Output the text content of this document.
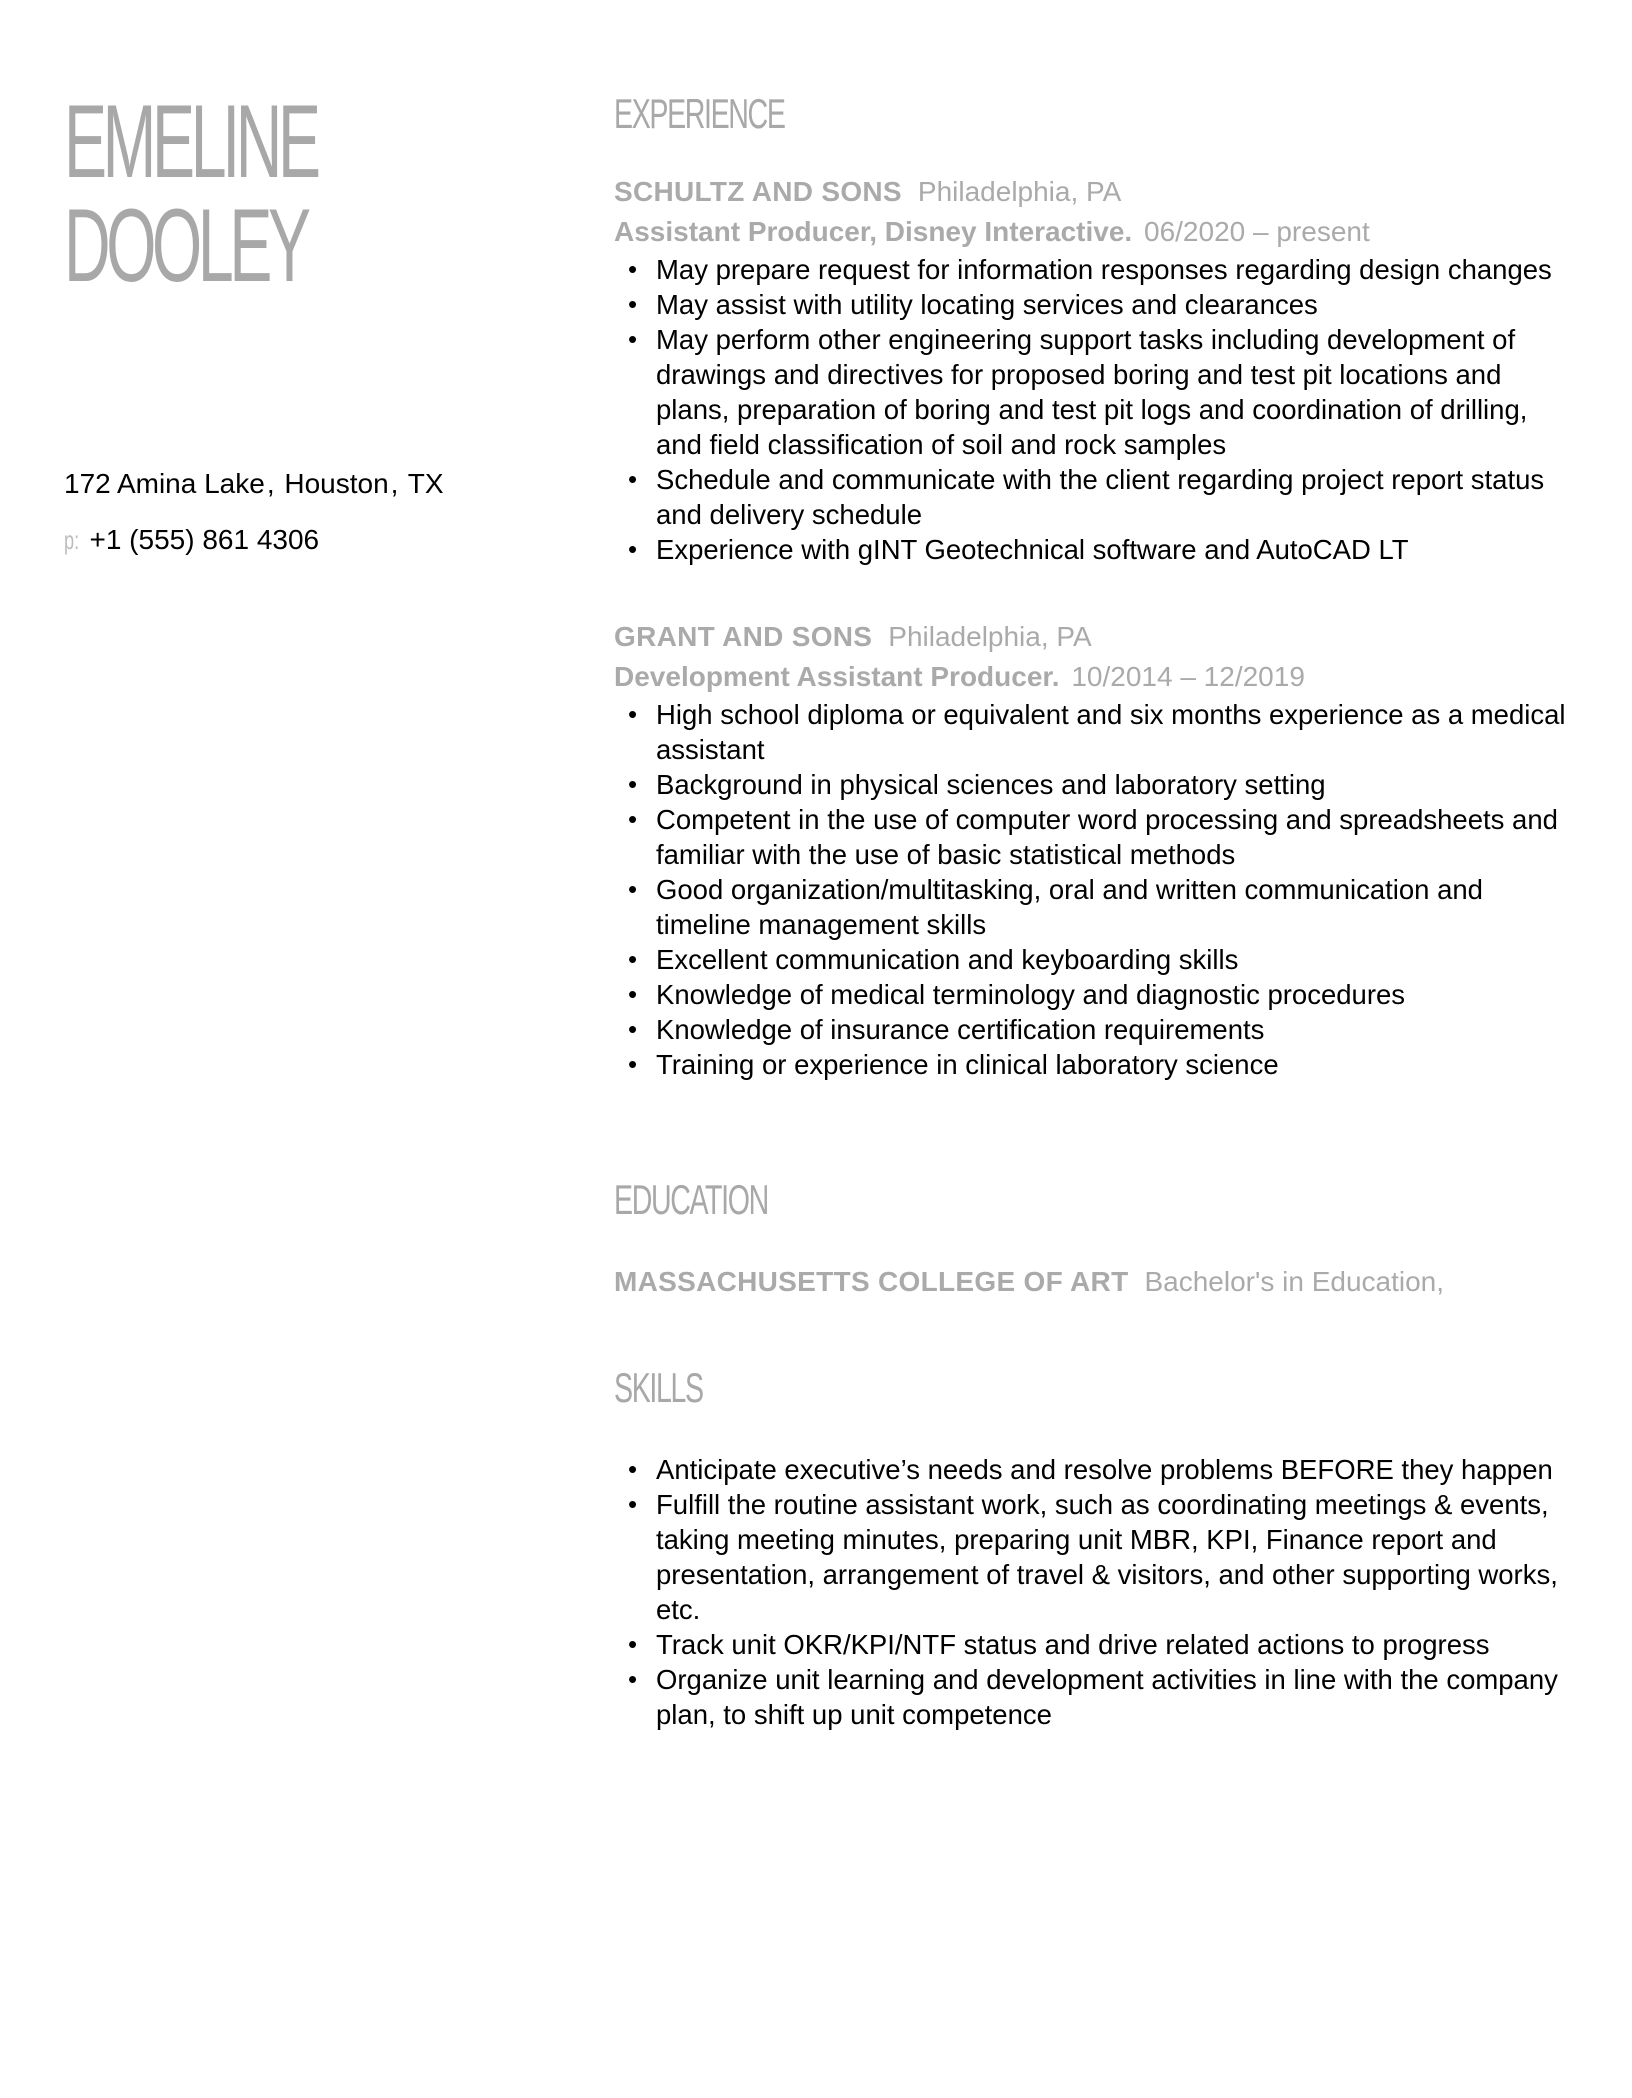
EMELINE
DOOLEY
172 Amina Lake, Houston, TX
p: +1 (555) 861 4306
EXPERIENCE
SCHULTZ AND SONS Philadelphia, PA
Assistant Producer, Disney Interactive. 06/2020 – present
• May prepare request for information responses regarding design changes
• May assist with utility locating services and clearances
• May perform other engineering support tasks including development of drawings and directives for proposed boring and test pit locations and plans, preparation of boring and test pit logs and coordination of drilling, and field classification of soil and rock samples
• Schedule and communicate with the client regarding project report status and delivery schedule
• Experience with gINT Geotechnical software and AutoCAD LT
GRANT AND SONS Philadelphia, PA
Development Assistant Producer. 10/2014 – 12/2019
• High school diploma or equivalent and six months experience as a medical assistant
• Background in physical sciences and laboratory setting
• Competent in the use of computer word processing and spreadsheets and familiar with the use of basic statistical methods
• Good organization/multitasking, oral and written communication and timeline management skills
• Excellent communication and keyboarding skills
• Knowledge of medical terminology and diagnostic procedures
• Knowledge of insurance certification requirements
• Training or experience in clinical laboratory science
EDUCATION
MASSACHUSETTS COLLEGE OF ART Bachelor's in Education,
SKILLS
• Anticipate executive’s needs and resolve problems BEFORE they happen
• Fulfill the routine assistant work, such as coordinating meetings & events, taking meeting minutes, preparing unit MBR, KPI, Finance report and presentation, arrangement of travel & visitors, and other supporting works, etc.
• Track unit OKR/KPI/NTF status and drive related actions to progress
• Organize unit learning and development activities in line with the company plan, to shift up unit competence
